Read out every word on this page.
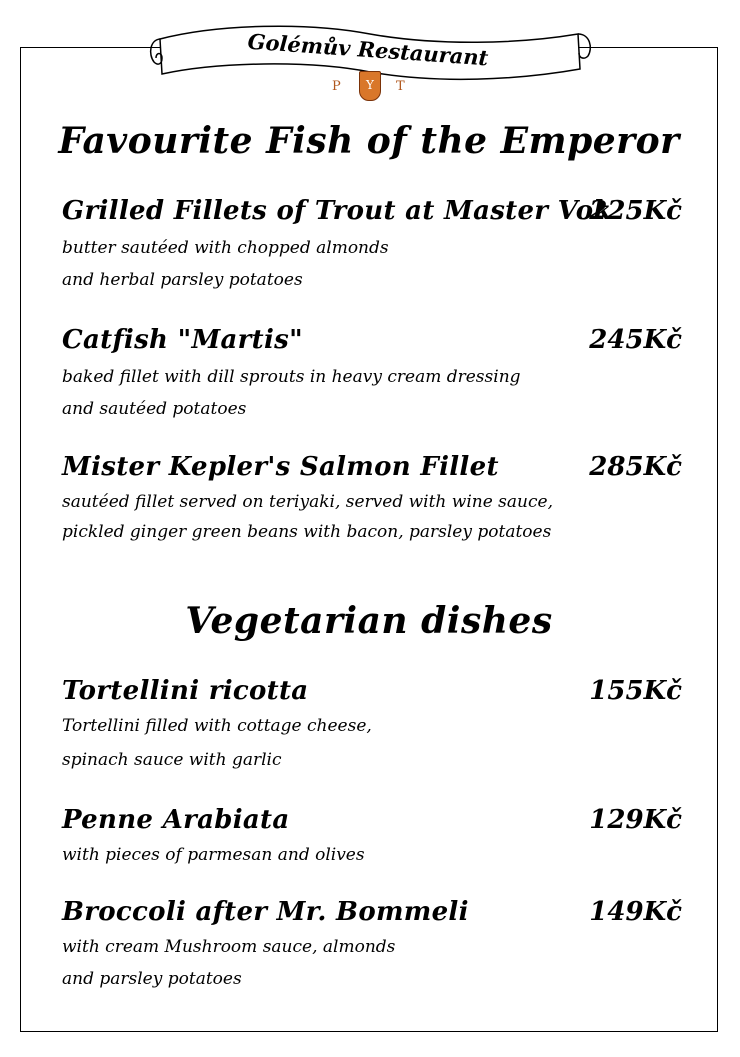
Golémův Restaurant
P	Y	T
Favourite Fish of the Emperor
Grilled Fillets of Trout at Master Vok
225Kč
butter sautéed with chopped almonds
and herbal parsley potatoes
Catfish "Martis"	245Kč
baked fillet with dill sprouts in heavy cream dressing
and sautéed potatoes
Mister Kepler's Salmon Fillet	285Kč
sautéed fillet served on teriyaki, served with wine sauce,
pickled ginger green beans with bacon, parsley potatoes
Vegetarian dishes
Tortellini ricotta	155Kč
Tortellini filled with cottage cheese,
spinach sauce with garlic
Penne Arabiata	129Kč
with pieces of parmesan and olives
Broccoli after Mr. Bommeli	149Kč
with cream Mushroom sauce, almonds
and parsley potatoes
